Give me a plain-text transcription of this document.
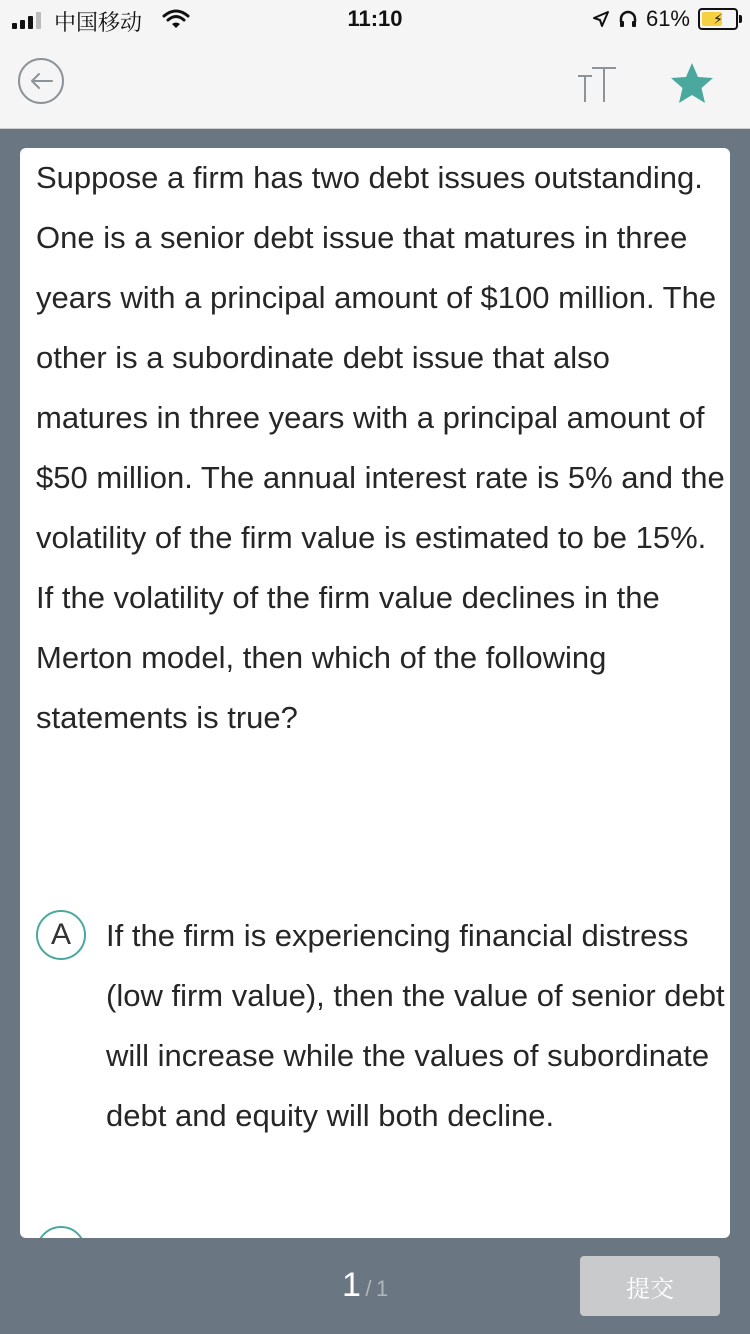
中国移动	11:10	61% ⚡

Suppose a firm has two debt issues outstanding. One is a senior debt issue that matures in three years with a principal amount of $100 million. The other is a subordinate debt issue that also matures in three years with a principal amount of $50 million. The annual interest rate is 5% and the volatility of the firm value is estimated to be 15%. If the volatility of the firm value declines in the Merton model, then which of the following statements is true?

A	If the firm is experiencing financial distress (low firm value), then the value of senior debt will increase while the values of subordinate debt and equity will both decline.

1 / 1	提交
